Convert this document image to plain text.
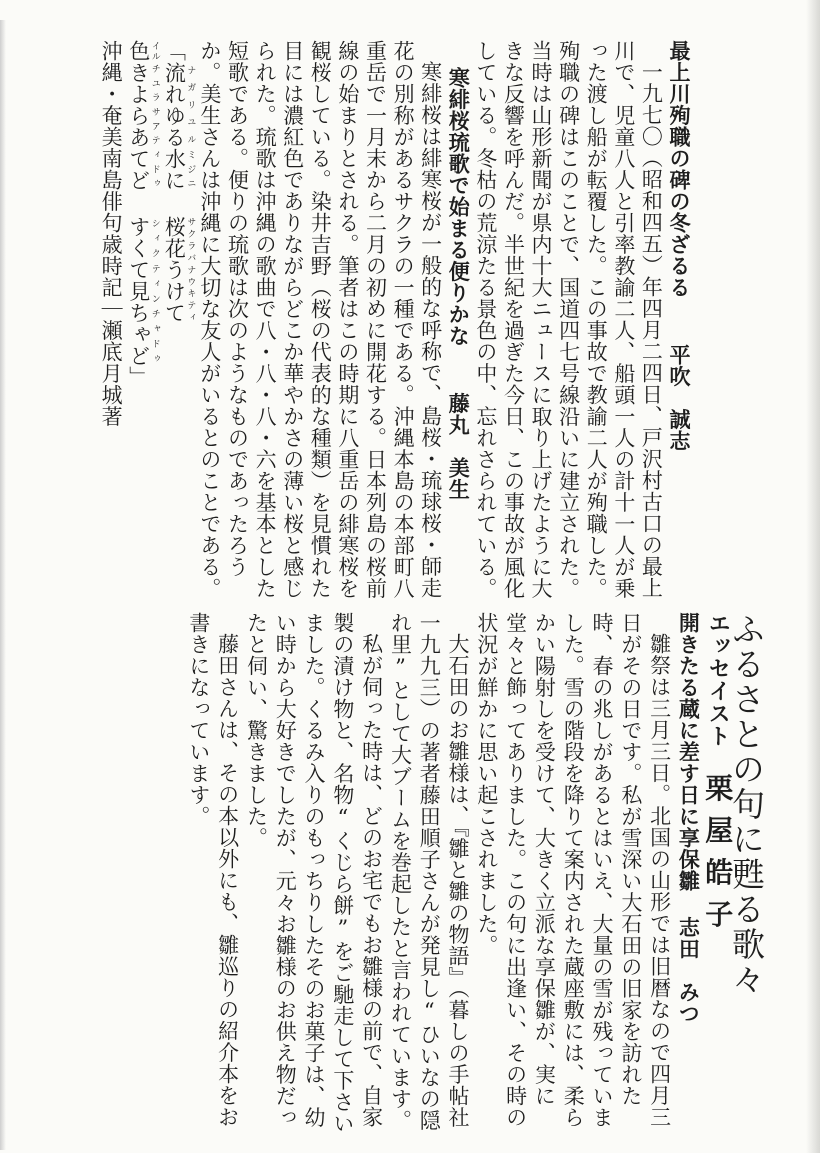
最上川殉職の碑の冬ざるる平吹　誠志

一九七〇（昭和四五）年四月二四日、戸沢村古口の最上川で、児童八人と引率教諭二人、船頭一人の計十一人が乗った渡し船が転覆した。この事故で教諭二人が殉職した。殉職の碑はこのことで、国道四七号線沿いに建立された。当時は山形新聞が県内十大ニュースに取り上げたように大きな反響を呼んだ。半世紀を過ぎた今日、この事故が風化している。冬枯の荒涼たる景色の中、忘れさられている。

寒緋桜琉歌で始まる便りかな藤丸　美生

寒緋桜は緋寒桜が一般的な呼称で、島桜・琉球桜・師走花の別称があるサクラの一種である。沖縄本島の本部町八重岳で一月末から二月の初めに開花する。日本列島の桜前線の始まりとされる。筆者はこの時期に八重岳の緋寒桜を観桜している。染井吉野（桜の代表的な種類）を見慣れた目には濃紅色でありながらどこか華やかさの薄い桜と感じられた。琉歌は沖縄の歌曲で八・八・八・六を基本とした短歌である。便りの琉歌は次のようなものであったろうか。美生さんは沖縄に大切な友人がいるとのことである。

「流れゆる ナガリユル水に ミジニ桜花うけて サクラバナウキティ

色 イルきよらあてど チユラサアティドゥすくて見ちゃど シィクティンチャドゥ」

沖縄・奄美南島俳句歳時記｜瀬底月城著

ふるさとの句に甦る歌々

エッセイスト栗屋皓子

開きたる蔵に差す日に享保雛志田　みつ

雛祭は三月三日。北国の山形では旧暦なので四月三日がその日です。私が雪深い大石田の旧家を訪れた時、春の兆しがあるとはいえ、大量の雪が残っていました。雪の階段を降りて案内された蔵座敷には、柔らかい陽射しを受けて、大きく立派な享保雛が、実に堂々と飾ってありました。この句に出逢い、その時の状況が鮮かに思い起こされました。

大石田のお雛様は、『雛と雛の物語』（暮しの手帖社 一九九三）の著者藤田順子さんが発見し“ひいなの隠れ里”として大ブームを巻起したと言われています。

私が伺った時は、どのお宅でもお雛様の前で、自家製の漬け物と、名物“くじら餅”をご馳走して下さいました。くるみ入りのもっちりしたそのお菓子は、幼い時から大好きでしたが、元々お雛様のお供え物だったと伺い、驚きました。

藤田さんは、その本以外にも、雛巡りの紹介本をお書きになっています。
